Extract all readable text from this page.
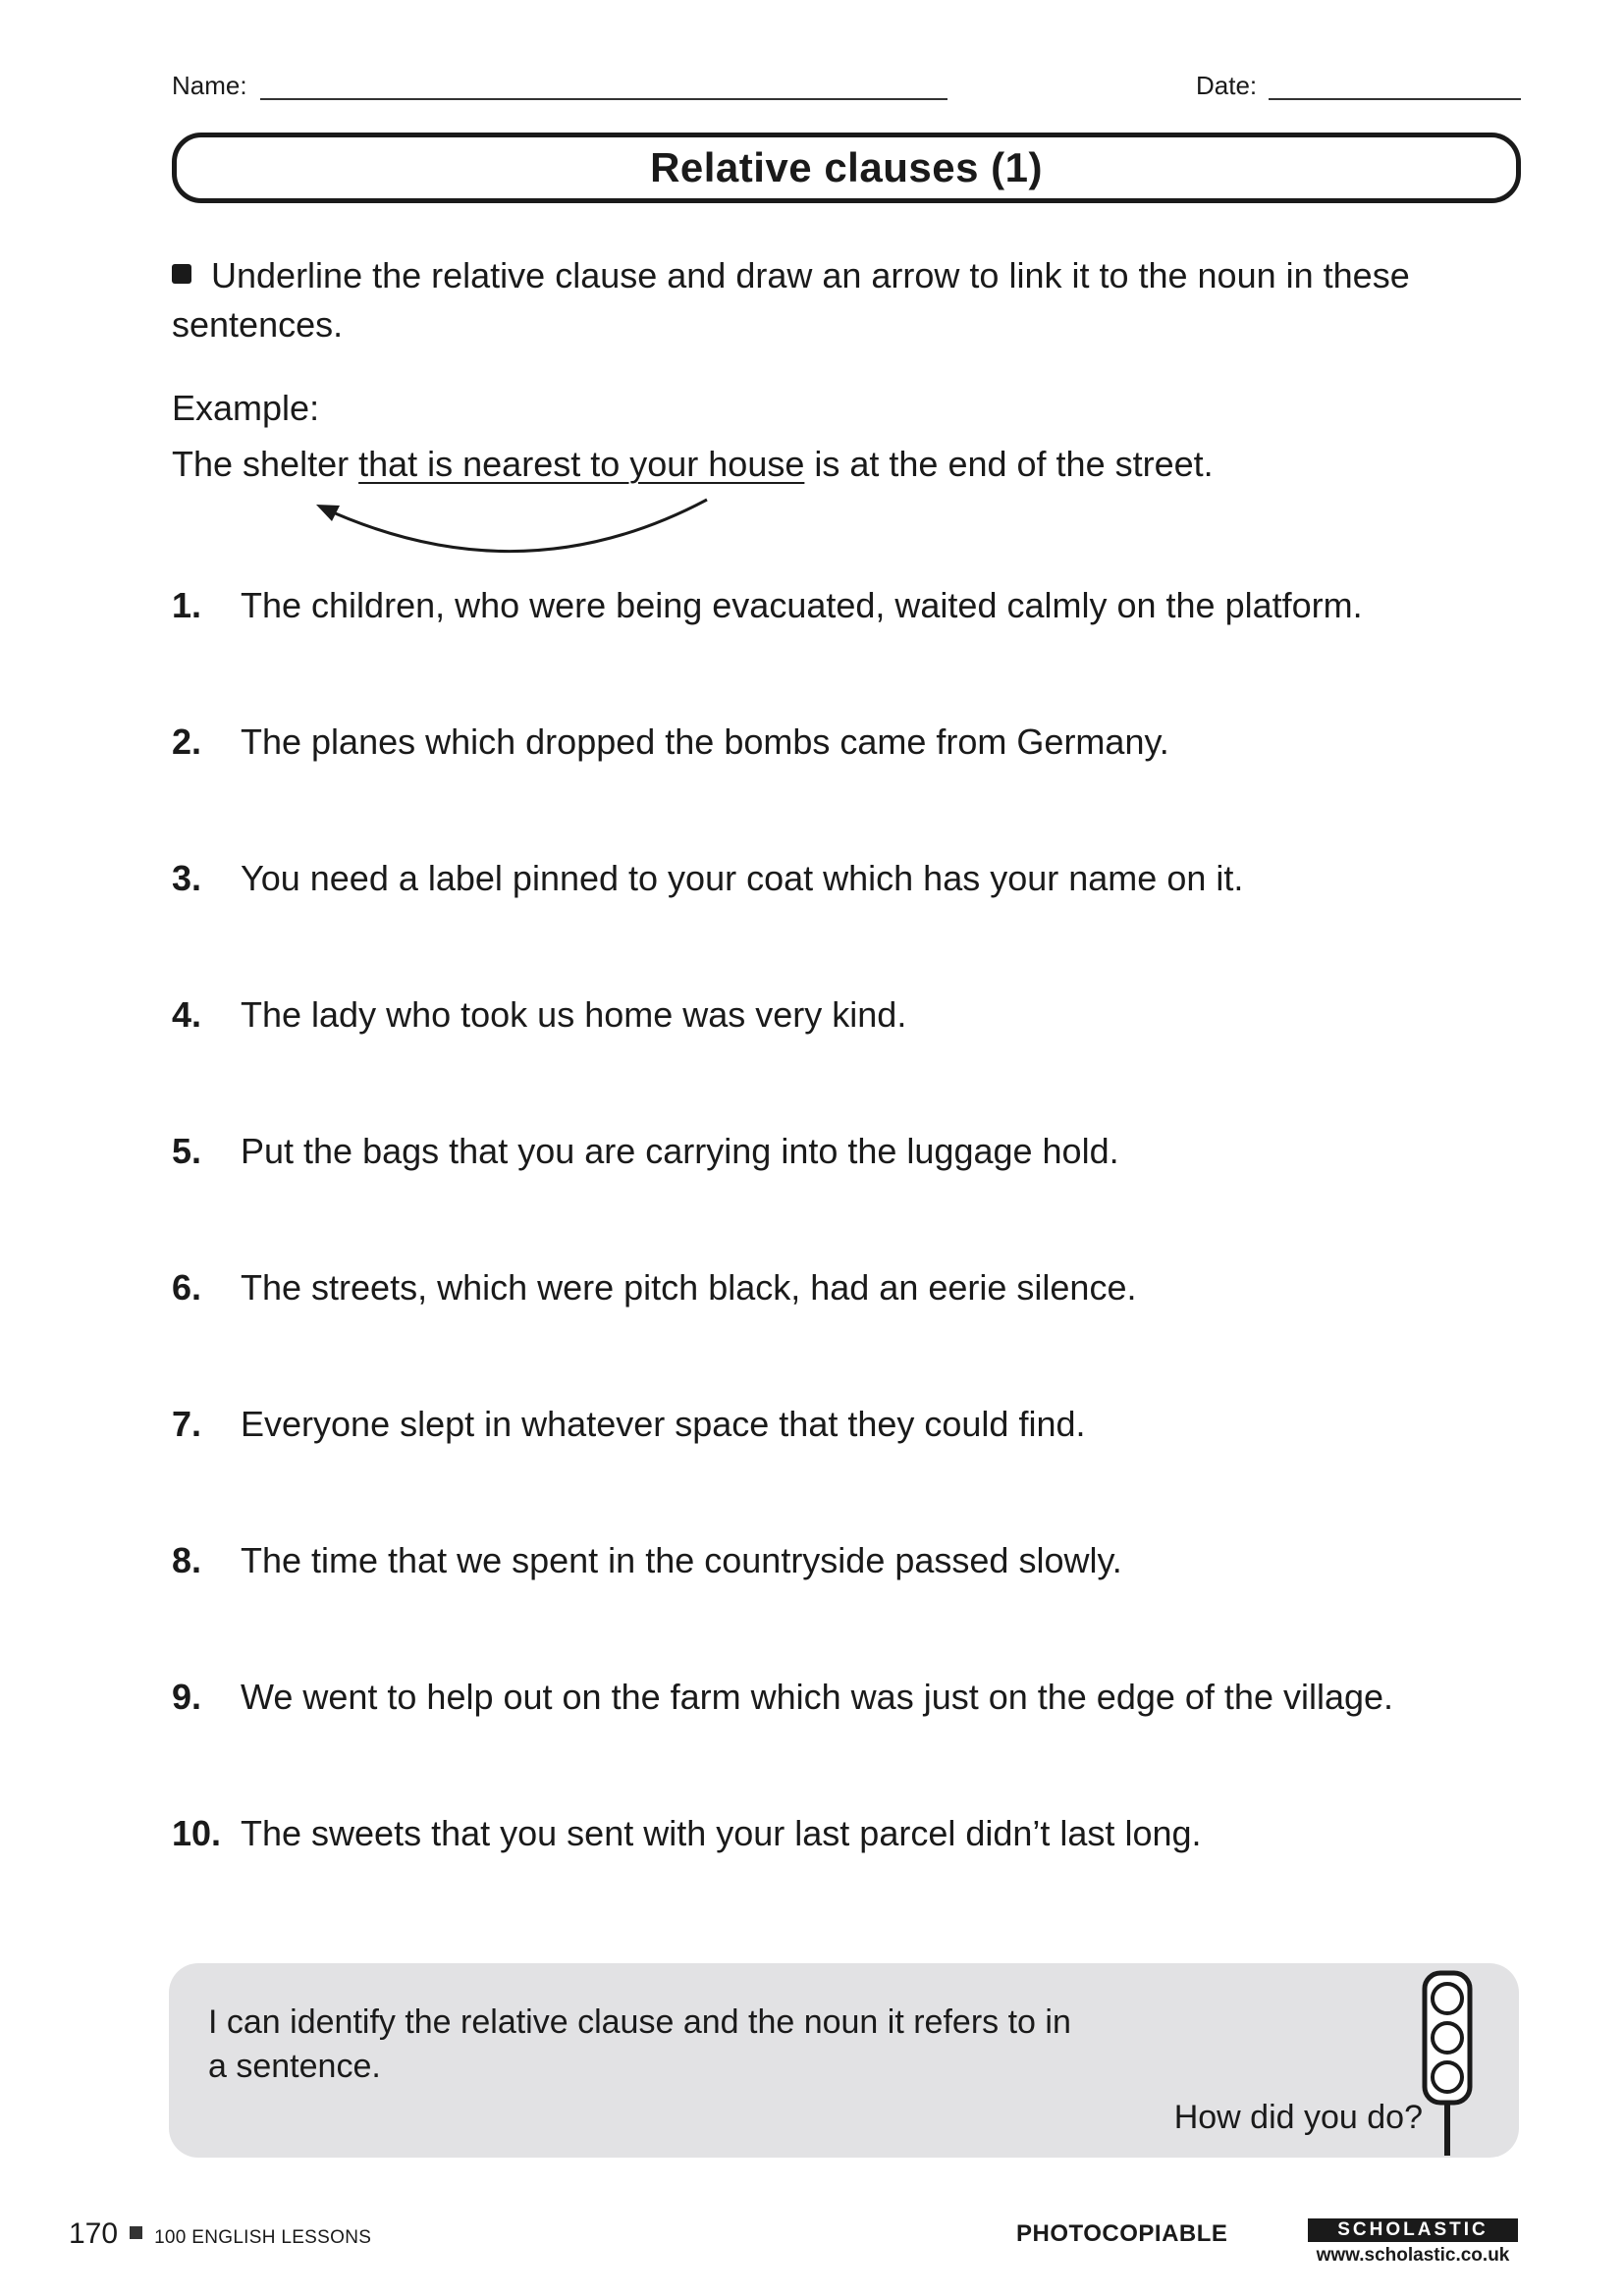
Name:	Date:
Relative clauses (1)
Underline the relative clause and draw an arrow to link it to the noun in these sentences.
Example:
The shelter that is nearest to your house is at the end of the street.
1. The children, who were being evacuated, waited calmly on the platform.
2. The planes which dropped the bombs came from Germany.
3. You need a label pinned to your coat which has your name on it.
4. The lady who took us home was very kind.
5. Put the bags that you are carrying into the luggage hold.
6. The streets, which were pitch black, had an eerie silence.
7. Everyone slept in whatever space that they could find.
8. The time that we spent in the countryside passed slowly.
9. We went to help out on the farm which was just on the edge of the village.
10. The sweets that you sent with your last parcel didn’t last long.
I can identify the relative clause and the noun it refers to in a sentence.
How did you do?
170 100 ENGLISH LESSONS	PHOTOCOPIABLE	SCHOLASTIC
www.scholastic.co.uk
